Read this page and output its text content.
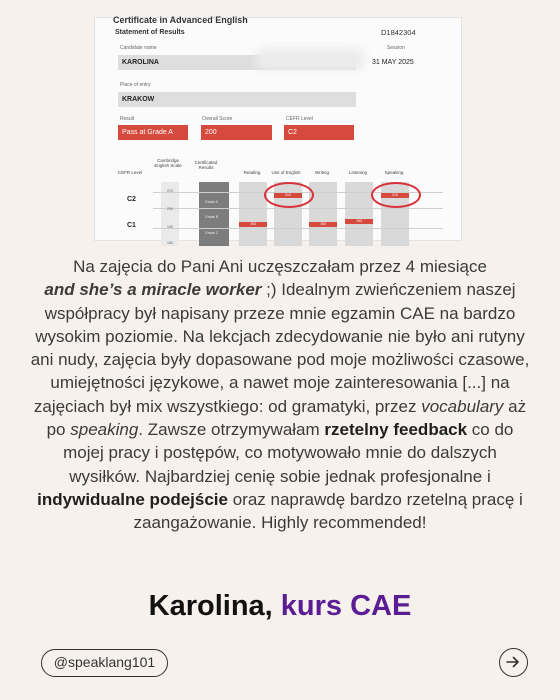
Certificate in Advanced English
Statement of Results	D1842304
Candidate name
KAROLINA
Session
31 MAY 2025
Place of entry
KRAKOW
Result
Pass at Grade A
Overall Score
200
CEFR Level
C2
CEFR Level
Cambridge English Scale
Certificated Results
Reading	Use of English	Writing	Listening	Speaking
C2
C1
210
200
190
180
Grade A
Grade B
Grade C
193
210
193
193
210
Na zajęcia do Pani Ani uczęszczałam przez 4 miesiące
and she’s a miracle worker ;) Idealnym zwieńczeniem naszej współpracy był napisany przeze mnie egzamin CAE na bardzo wysokim poziomie. Na lekcjach zdecydowanie nie było ani rutyny ani nudy, zajęcia były dopasowane pod moje możliwości czasowe, umiejętności językowe, a nawet moje zainteresowania [...] na zajęciach był mix wszystkiego: od gramatyki, przez vocabulary aż po speaking. Zawsze otrzymywałam rzetelny feedback co do mojej pracy i postępów, co motywowało mnie do dalszych wysiłków. Najbardziej cenię sobie jednak profesjonalne i indywidualne podejście oraz naprawdę bardzo rzetelną pracę i zaangażowanie. Highly recommended!
Karolina, kurs CAE
@speaklang101
